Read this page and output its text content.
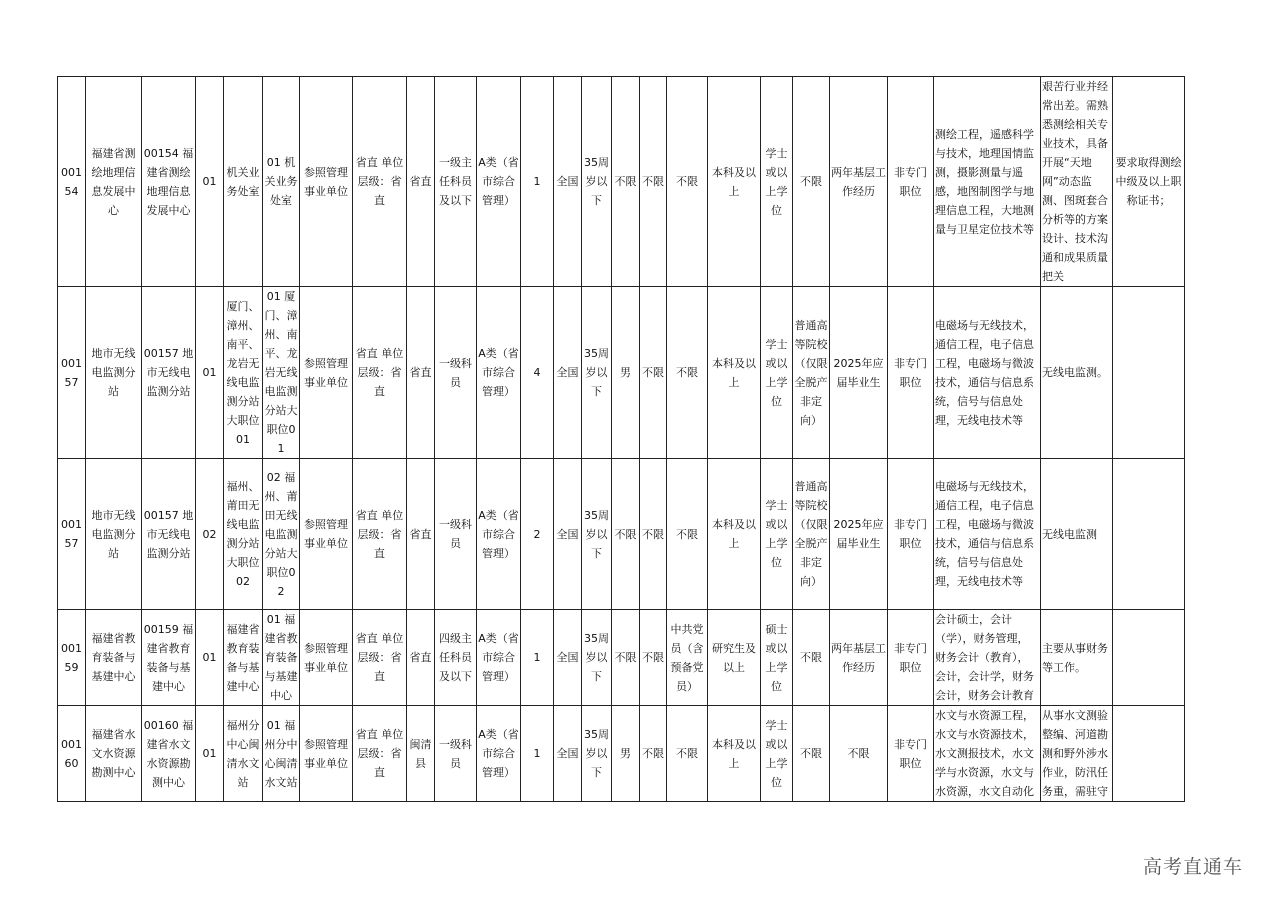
00154	福建省测绘地理信息发展中心	00154 福建省测绘地理信息发展中心	01	机关业务处室	01 机关业务处室	参照管理事业单位	省直 单位层级：省直	省直	一级主任科员及以下	A类（省市综合管理）	1	全国	35周岁以下	不限	不限	不限	本科及以上	学士或以上学位	不限	两年基层工作经历	非专门职位	测绘工程，遥感科学与技术，地理国情监测，摄影测量与遥感，地图制图学与地理信息工程，大地测量与卫星定位技术等	艰苦行业并经常出差。需熟悉测绘相关专业技术，具备开展“天地网”动态监测、图斑套合分析等的方案设计、技术沟通和成果质量把关	要求取得测绘中级及以上职称证书；
00157	地市无线电监测分站	00157 地市无线电监测分站	01	厦门、漳州、南平、龙岩无线电监测分站大职位01	01 厦门、漳州、南平、龙岩无线电监测分站大职位01	参照管理事业单位	省直 单位层级：省直	省直	一级科员	A类（省市综合管理）	4	全国	35周岁以下	男	不限	不限	本科及以上	学士或以上学位	普通高等院校（仅限全脱产非定向）	2025年应届毕业生	非专门职位	电磁场与无线技术，通信工程，电子信息工程，电磁场与微波技术，通信与信息系统，信号与信息处理，无线电技术等	无线电监测。	
00157	地市无线电监测分站	00157 地市无线电监测分站	02	福州、莆田无线电监测分站大职位02	02 福州、莆田无线电监测分站大职位02	参照管理事业单位	省直 单位层级：省直	省直	一级科员	A类（省市综合管理）	2	全国	35周岁以下	不限	不限	不限	本科及以上	学士或以上学位	普通高等院校（仅限全脱产非定向）	2025年应届毕业生	非专门职位	电磁场与无线技术，通信工程，电子信息工程，电磁场与微波技术，通信与信息系统，信号与信息处理，无线电技术等	无线电监测	
00159	福建省教育装备与基建中心	00159 福建省教育装备与基建中心	01	福建省教育装备与基建中心	01 福建省教育装备与基建中心	参照管理事业单位	省直 单位层级：省直	省直	四级主任科员及以下	A类（省市综合管理）	1	全国	35周岁以下	不限	不限	中共党员（含预备党员）	研究生及以上	硕士或以上学位	不限	两年基层工作经历	非专门职位	会计硕士，会计（学），财务管理，财务会计（教育），会计，会计学，财务会计，财务会计教育	主要从事财务等工作。	
00160	福建省水文水资源勘测中心	00160 福建省水文水资源勘测中心	01	福州分中心闽清水文站	01 福州分中心闽清水文站	参照管理事业单位	省直 单位层级：省直	闽清县	一级科员	A类（省市综合管理）	1	全国	35周岁以下	男	不限	不限	本科及以上	学士或以上学位	不限	不限	非专门职位	水文与水资源工程，水文与水资源技术，水文测报技术，水文学与水资源，水文与水资源，水文自动化	从事水文测验整编、河道勘测和野外涉水作业，防汛任务重，需驻守	
高考直通车
